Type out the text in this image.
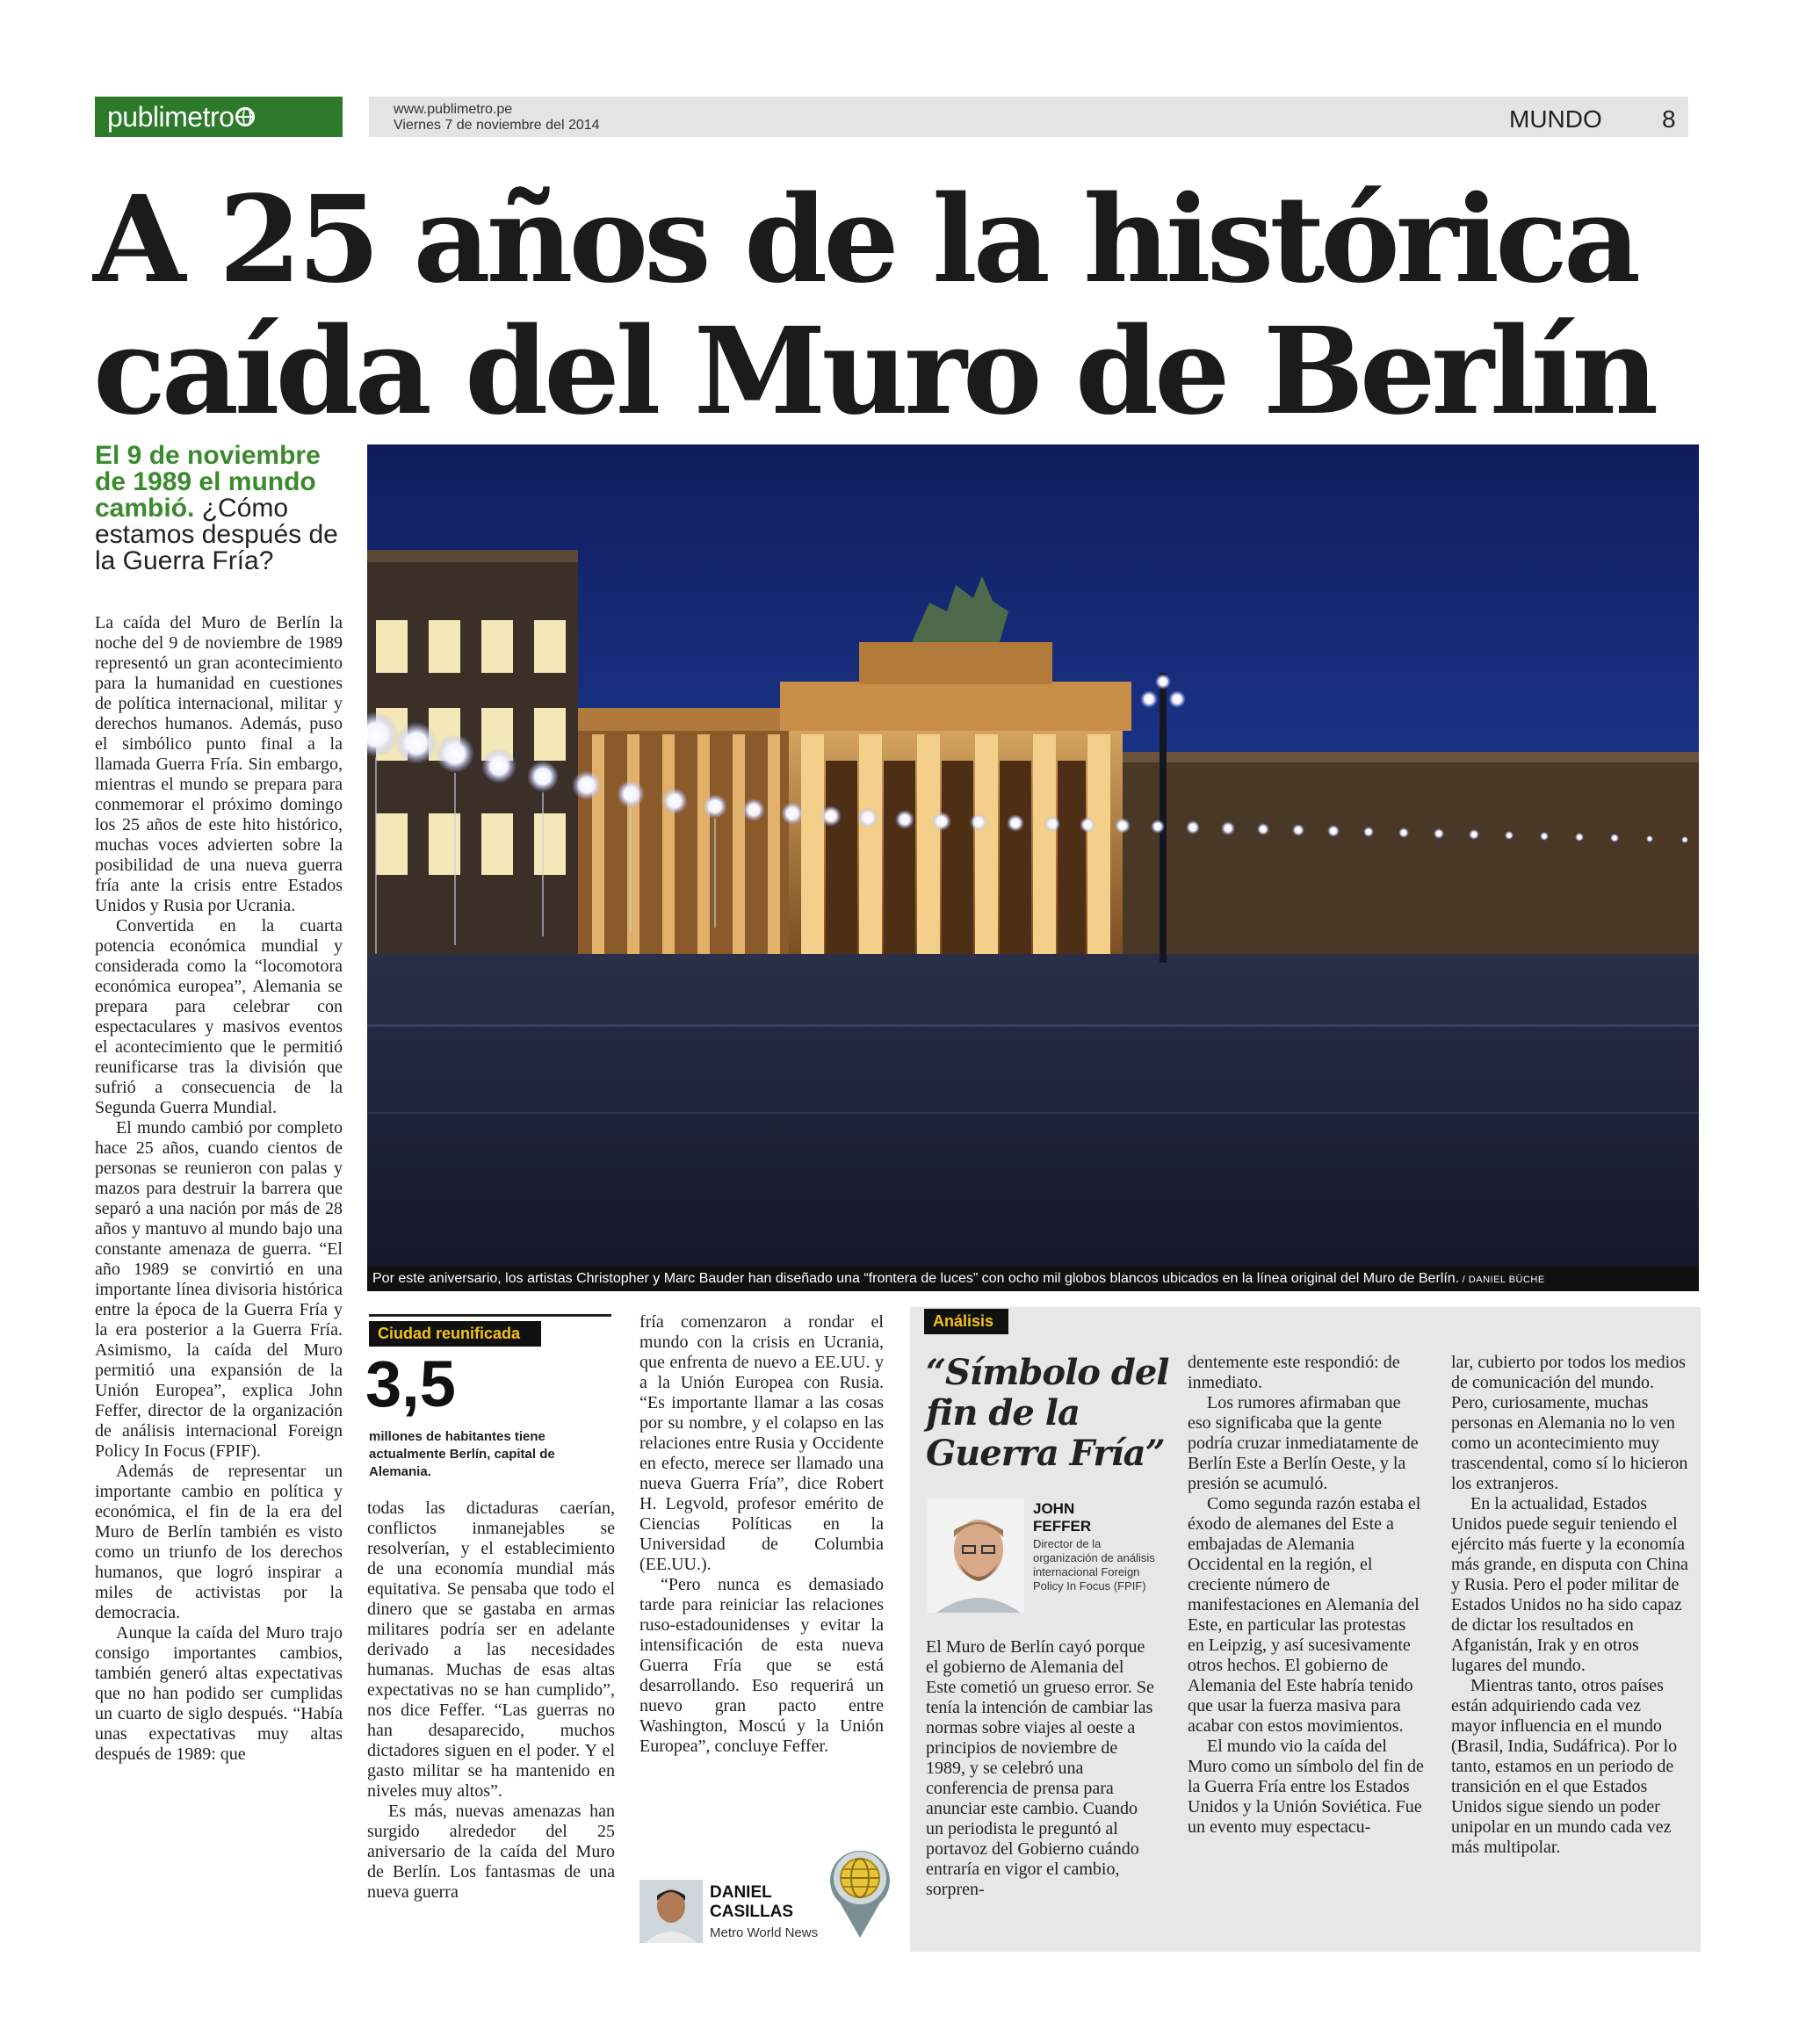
publimetro	www.publimetro.pe
Viernes 7 de noviembre del 2014	MUNDO 8
A 25 años de la histórica
caída del Muro de Berlín
El 9 de noviembre de 1989 el mundo cambió. ¿Cómo estamos después de la Guerra Fría?

La caída del Muro de Berlín la noche del 9 de noviembre de 1989 representó un gran acontecimiento para la humanidad en cuestiones de política internacional, militar y derechos humanos. Además, puso el simbólico punto final a la llamada Guerra Fría. Sin embargo, mientras el mundo se prepara para conmemorar el próximo domingo los 25 años de este hito histórico, muchas voces advierten sobre la posibilidad de una nueva guerra fría ante la crisis entre Estados Unidos y Rusia por Ucrania.

Convertida en la cuarta potencia económica mundial y considerada como la “locomotora económica europea”, Alemania se prepara para celebrar con espectaculares y masivos eventos el acontecimiento que le permitió reunificarse tras la división que sufrió a consecuencia de la Segunda Guerra Mundial.

El mundo cambió por completo hace 25 años, cuando cientos de personas se reunieron con palas y mazos para destruir la barrera que separó a una nación por más de 28 años y mantuvo al mundo bajo una constante amenaza de guerra. “El año 1989 se convirtió en una importante línea divisoria histórica entre la época de la Guerra Fría y la era posterior a la Guerra Fría. Asimismo, la caída del Muro permitió una expansión de la Unión Europea”, explica John Feffer, director de la organización de análisis internacional Foreign Policy In Focus (FPIF).

Además de representar un importante cambio en política y económica, el fin de la era del Muro de Berlín también es visto como un triunfo de los derechos humanos, que logró inspirar a miles de activistas por la democracia.

Aunque la caída del Muro trajo consigo importantes cambios, también generó altas expectativas que no han podido ser cumplidas un cuarto de siglo después. “Había unas expectativas muy altas después de 1989: que

Por este aniversario, los artistas Christopher y Marc Bauder han diseñado una “frontera de luces” con ocho mil globos blancos ubicados en la línea original del Muro de Berlín. / DANIEL BÜCHE
Ciudad reunificada
3,5
millones de habitantes tiene actualmente Berlín, capital de Alemania.

todas las dictaduras caerían, conflictos inmanejables se resolverían, y el establecimiento de una economía mundial más equitativa. Se pensaba que todo el dinero que se gastaba en armas militares podría ser en adelante derivado a las necesidades humanas. Muchas de esas altas expectativas no se han cumplido”, nos dice Feffer. “Las guerras no han desaparecido, muchos dictadores siguen en el poder. Y el gasto militar se ha mantenido en niveles muy altos”.

Es más, nuevas amenazas han surgido alrededor del 25 aniversario de la caída del Muro de Berlín. Los fantasmas de una nueva guerra

fría comenzaron a rondar el mundo con la crisis en Ucrania, que enfrenta de nuevo a EE.UU. y a la Unión Europea con Rusia. “Es importante llamar a las cosas por su nombre, y el colapso en las relaciones entre Rusia y Occidente en efecto, merece ser llamado una nueva Guerra Fría”, dice Robert H. Legvold, profesor emérito de Ciencias Políticas en la Universidad de Columbia (EE.UU.).

“Pero nunca es demasiado tarde para reiniciar las relaciones ruso-estadounidenses y evitar la intensificación de esta nueva Guerra Fría que se está desarrollando. Eso requerirá un nuevo gran pacto entre Washington, Moscú y la Unión Europea”, concluye Feffer.

DANIEL
CASILLAS
Metro World News
Análisis
“Símbolo del fin de la Guerra Fría”
JOHN
FEFFER
Director de la organización de análisis internacional Foreign Policy In Focus (FPIF)

El Muro de Berlín cayó porque el gobierno de Alemania del Este cometió un grueso error. Se tenía la intención de cambiar las normas sobre viajes al oeste a principios de noviembre de 1989, y se celebró una conferencia de prensa para anunciar este cambio. Cuando un periodista le preguntó al portavoz del Gobierno cuándo entraría en vigor el cambio, sorpren-

dentemente este respondió: de inmediato.

Los rumores afirmaban que eso significaba que la gente podría cruzar inmediatamente de Berlín Este a Berlín Oeste, y la presión se acumuló.

Como segunda razón estaba el éxodo de alemanes del Este a embajadas de Alemania Occidental en la región, el creciente número de manifestaciones en Alemania del Este, en particular las protestas en Leipzig, y así sucesivamente otros hechos. El gobierno de Alemania del Este habría tenido que usar la fuerza masiva para acabar con estos movimientos.

El mundo vio la caída del Muro como un símbolo del fin de la Guerra Fría entre los Estados Unidos y la Unión Soviética. Fue un evento muy espectacu-

lar, cubierto por todos los medios de comunicación del mundo. Pero, curiosamente, muchas personas en Alemania no lo ven como un acontecimiento muy trascendental, como sí lo hicieron los extranjeros.

En la actualidad, Estados Unidos puede seguir teniendo el ejército más fuerte y la economía más grande, en disputa con China y Rusia. Pero el poder militar de Estados Unidos no ha sido capaz de dictar los resultados en Afganistán, Irak y en otros lugares del mundo.

Mientras tanto, otros países están adquiriendo cada vez mayor influencia en el mundo (Brasil, India, Sudáfrica). Por lo tanto, estamos en un periodo de transición en el que Estados Unidos sigue siendo un poder unipolar en un mundo cada vez más multipolar.
